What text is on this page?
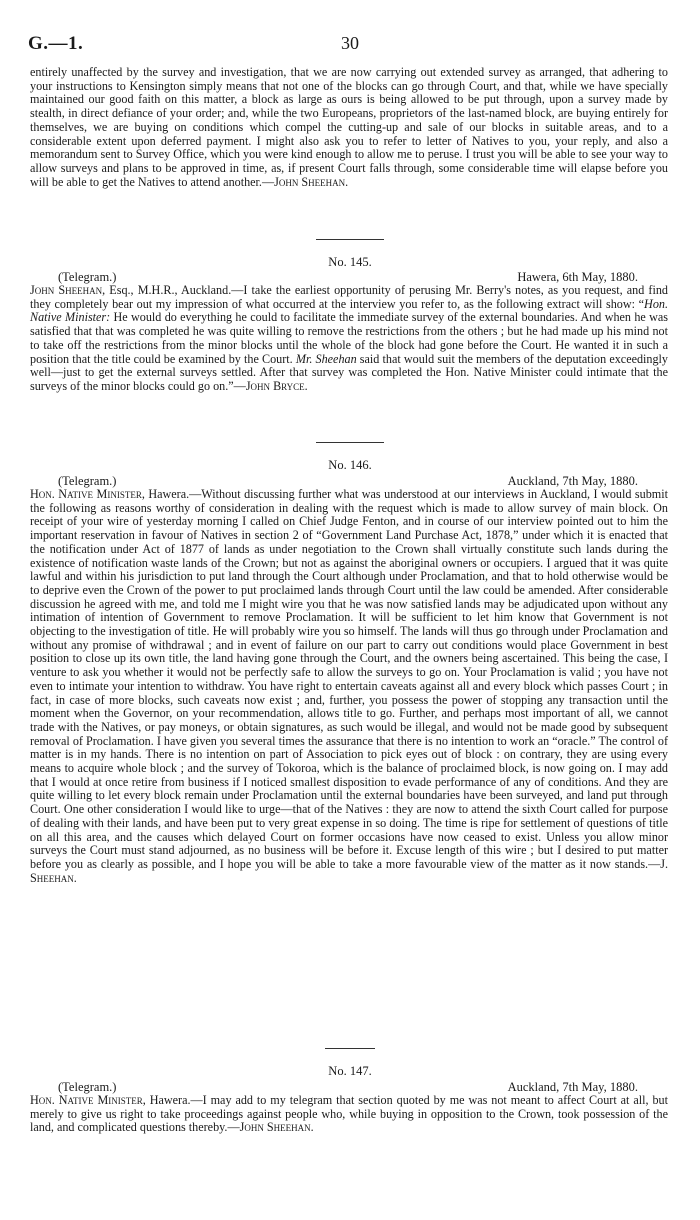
G.—1.	30

entirely unaffected by the survey and investigation, that we are now carrying out extended survey as arranged, that adhering to your instructions to Kensington simply means that not one of the blocks can go through Court, and that, while we have specially maintained our good faith on this matter, a block as large as ours is being allowed to be put through, upon a survey made by stealth, in direct defiance of your order; and, while the two Europeans, proprietors of the last-named block, are buying entirely for themselves, we are buying on conditions which compel the cutting-up and sale of our blocks in suitable areas, and to a considerable extent upon deferred payment. I might also ask you to refer to letter of Natives to you, your reply, and also a memorandum sent to Survey Office, which you were kind enough to allow me to peruse. I trust you will be able to see your way to allow surveys and plans to be approved in time, as, if present Court falls through, some considerable time will elapse before you will be able to get the Natives to attend another.—John Sheehan.

No. 145.
(Telegram.)	Hawera, 6th May, 1880.

John Sheehan, Esq., M.H.R., Auckland.—I take the earliest opportunity of perusing Mr. Berry's notes, as you request, and find they completely bear out my impression of what occurred at the interview you refer to, as the following extract will show: “Hon. Native Minister: He would do everything he could to facilitate the immediate survey of the external boundaries. And when he was satisfied that that was completed he was quite willing to remove the restrictions from the others ; but he had made up his mind not to take off the restrictions from the minor blocks until the whole of the block had gone before the Court. He wanted it in such a position that the title could be examined by the Court. Mr. Sheehan said that would suit the members of the deputation exceedingly well—just to get the external surveys settled. After that survey was completed the Hon. Native Minister could intimate that the surveys of the minor blocks could go on.”—John Bryce.

No. 146.
(Telegram.)	Auckland, 7th May, 1880.

Hon. Native Minister, Hawera.—Without discussing further what was understood at our interviews in Auckland, I would submit the following as reasons worthy of consideration in dealing with the request which is made to allow survey of main block. On receipt of your wire of yesterday morning I called on Chief Judge Fenton, and in course of our interview pointed out to him the important reservation in favour of Natives in section 2 of “Government Land Purchase Act, 1878,” under which it is enacted that the notification under Act of 1877 of lands as under negotiation to the Crown shall virtually constitute such lands during the existence of notification waste lands of the Crown; but not as against the aboriginal owners or occupiers. I argued that it was quite lawful and within his jurisdiction to put land through the Court although under Proclamation, and that to hold otherwise would be to deprive even the Crown of the power to put proclaimed lands through Court until the law could be amended. After considerable discussion he agreed with me, and told me I might wire you that he was now satisfied lands may be adjudicated upon without any intimation of intention of Government to remove Proclamation. It will be sufficient to let him know that Government is not objecting to the investigation of title. He will probably wire you so himself. The lands will thus go through under Proclamation and without any promise of withdrawal ; and in event of failure on our part to carry out conditions would place Government in best position to close up its own title, the land having gone through the Court, and the owners being ascertained. This being the case, I venture to ask you whether it would not be perfectly safe to allow the surveys to go on. Your Proclamation is valid ; you have not even to intimate your intention to withdraw. You have right to entertain caveats against all and every block which passes Court ; in fact, in case of more blocks, such caveats now exist ; and, further, you possess the power of stopping any transaction until the moment when the Governor, on your recommendation, allows title to go. Further, and perhaps most important of all, we cannot trade with the Natives, or pay moneys, or obtain signatures, as such would be illegal, and would not be made good by subsequent removal of Proclamation. I have given you several times the assurance that there is no intention to work an “oracle.” The control of matter is in my hands. There is no intention on part of Association to pick eyes out of block : on contrary, they are using every means to acquire whole block ; and the survey of Tokoroa, which is the balance of proclaimed block, is now going on. I may add that I would at once retire from business if I noticed smallest disposition to evade performance of any of conditions. And they are quite willing to let every block remain under Proclamation until the external boundaries have been surveyed, and land put through Court. One other consideration I would like to urge—that of the Natives : they are now to attend the sixth Court called for purpose of dealing with their lands, and have been put to very great expense in so doing. The time is ripe for settlement of questions of title on all this area, and the causes which delayed Court on former occasions have now ceased to exist. Unless you allow minor surveys the Court must stand adjourned, as no business will be before it. Excuse length of this wire ; but I desired to put matter before you as clearly as possible, and I hope you will be able to take a more favourable view of the matter as it now stands.—J. Sheehan.

No. 147.
(Telegram.)	Auckland, 7th May, 1880.

Hon. Native Minister, Hawera.—I may add to my telegram that section quoted by me was not meant to affect Court at all, but merely to give us right to take proceedings against people who, while buying in opposition to the Crown, took possession of the land, and complicated questions thereby.—John Sheehan.
